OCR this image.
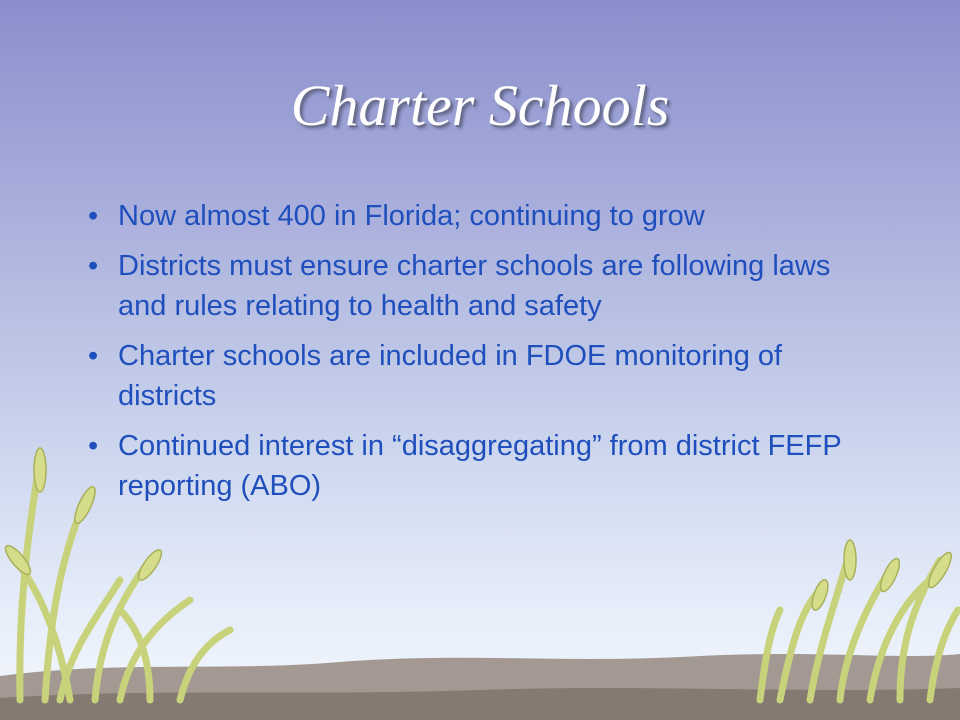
Charter Schools
• Now almost 400 in Florida; continuing to grow
• Districts must ensure charter schools are following laws and rules relating to health and safety
• Charter schools are included in FDOE monitoring of districts
• Continued interest in “disaggregating” from district FEFP reporting (ABO)
